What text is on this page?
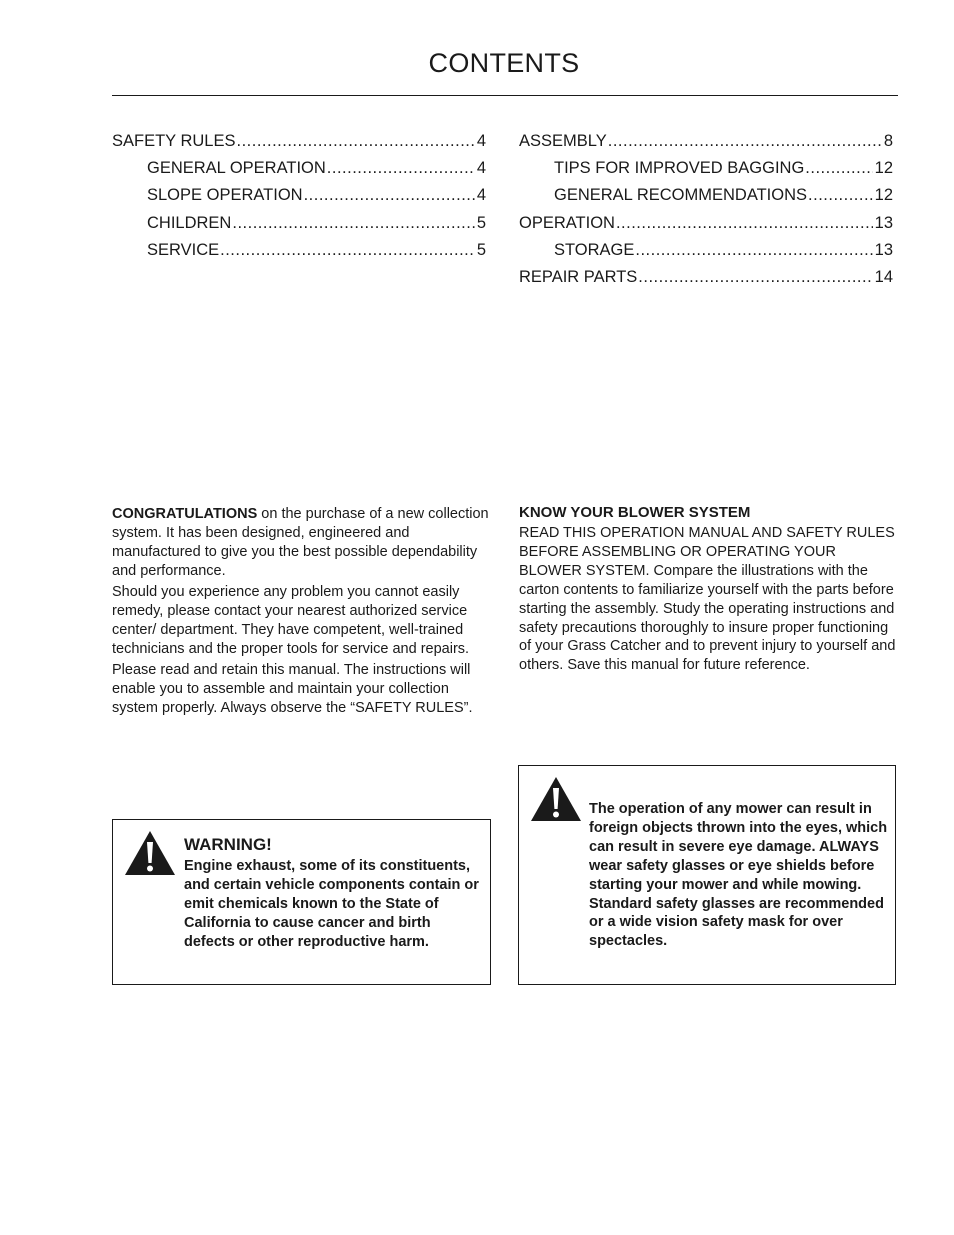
CONTENTS
SAFETY RULES .....	4
GENERAL OPERATION .....	4
SLOPE OPERATION .....	4
CHILDREN .....	5
SERVICE .....	5
ASSEMBLY .....	8
TIPS FOR IMPROVED BAGGING .....	12
GENERAL RECOMMENDATIONS .....	12
OPERATION .....	13
STORAGE .....	13
REPAIR PARTS .....	14

CONGRATULATIONS on the purchase of a new collection system. It has been designed, engineered and manufactured to give you the best possible dependability and performance.

Should you experience any problem you cannot easily remedy, please contact your nearest authorized service center/ department. They have competent, well-trained technicians and the proper tools for service and repairs.

Please read and retain this manual. The instructions will enable you to assemble and maintain your collection system properly. Always observe the “SAFETY RULES”.

KNOW YOUR BLOWER SYSTEM

READ THIS OPERATION MANUAL AND SAFETY RULES BEFORE ASSEMBLING OR OPERATING YOUR BLOWER SYSTEM. Compare the illustrations with the carton contents to familiarize yourself with the parts before starting the assembly. Study the operating instructions and safety precautions thoroughly to insure proper functioning of your Grass Catcher and to prevent injury to yourself and others. Save this manual for future reference.

WARNING!
Engine exhaust, some of its constituents, and certain vehicle components contain or emit chemicals known to the State of California to cause cancer and birth defects or other reproductive harm.
The operation of any mower can result in foreign objects thrown into the eyes, which can result in severe eye damage. ALWAYS wear safety glasses or eye shields before starting your mower and while mowing. Standard safety glasses are recommended or a wide vision safety mask for over spectacles.
